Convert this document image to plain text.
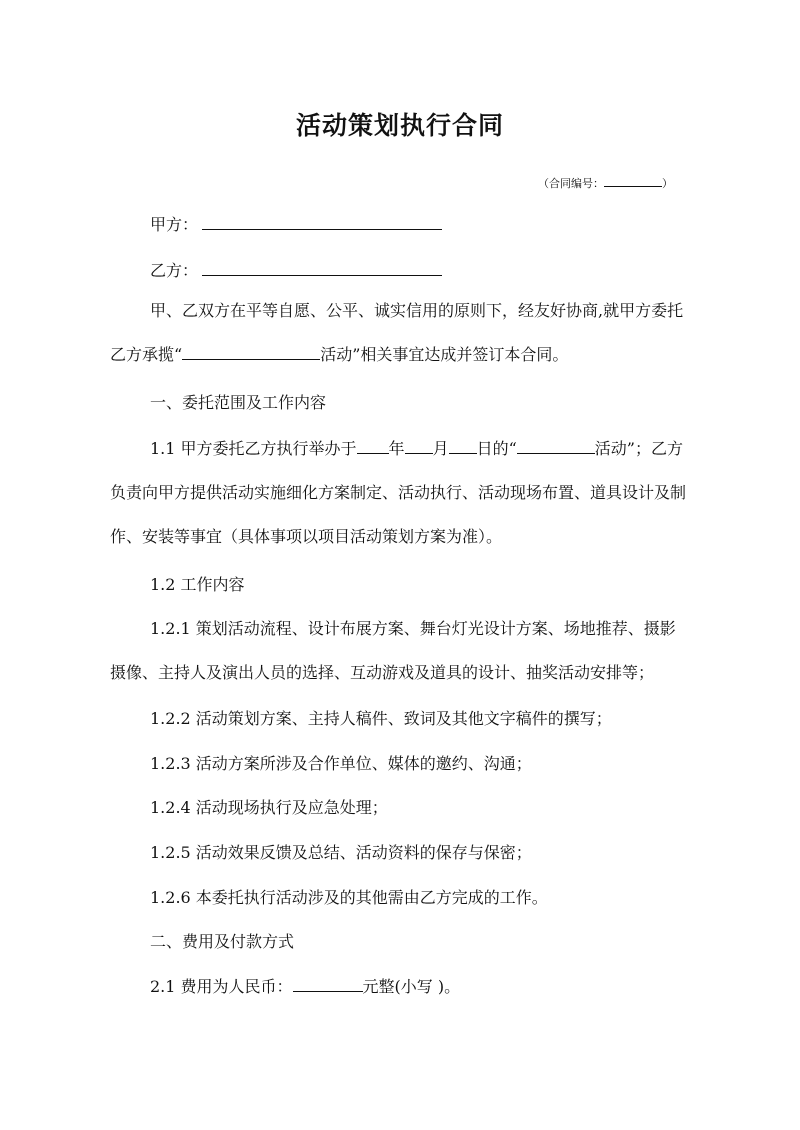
活动策划执行合同
（合同编号：	）
甲方：
乙方：
甲、乙双方在平等自愿、公平、诚实信用的原则下，经友好协商,就甲方委托乙方承揽“	活动”相关事宜达成并签订本合同。
一、委托范围及工作内容
1.1 甲方委托乙方执行举办于 年 月 日的“	活动”；乙方负责向甲方提供活动实施细化方案制定、活动执行、活动现场布置、道具设计及制作、安装等事宜（具体事项以项目活动策划方案为准）。
1.2 工作内容
1.2.1 策划活动流程、设计布展方案、舞台灯光设计方案、场地推荐、摄影摄像、主持人及演出人员的选择、互动游戏及道具的设计、抽奖活动安排等；
1.2.2 活动策划方案、主持人稿件、致词及其他文字稿件的撰写；
1.2.3 活动方案所涉及合作单位、媒体的邀约、沟通；
1.2.4 活动现场执行及应急处理；
1.2.5 活动效果反馈及总结、活动资料的保存与保密；
1.2.6 本委托执行活动涉及的其他需由乙方完成的工作。
二、费用及付款方式
2.1 费用为人民币：	元整(小写 )。
